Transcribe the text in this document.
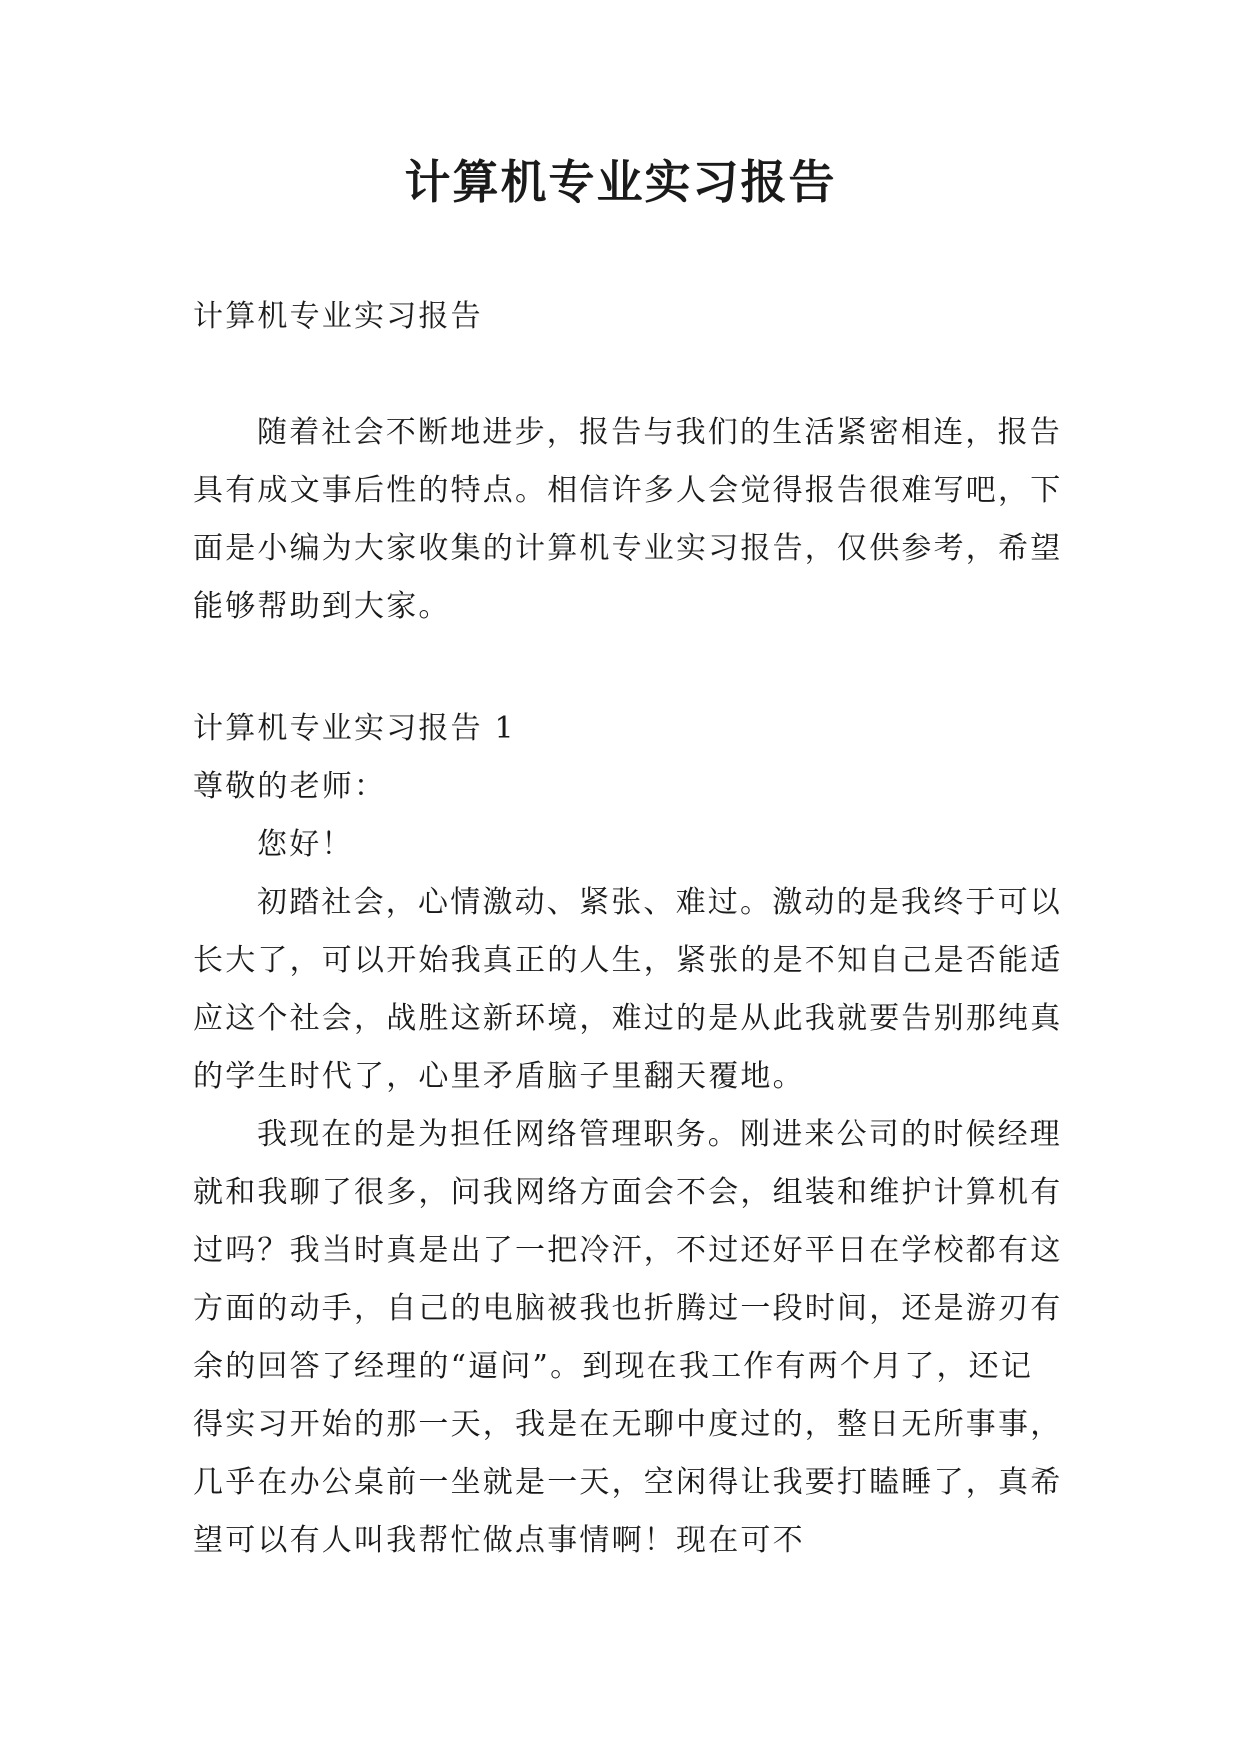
计算机专业实习报告

计算机专业实习报告

随着社会不断地进步，报告与我们的生活紧密相连，报告具有成文事后性的特点。相信许多人会觉得报告很难写吧，下面是小编为大家收集的计算机专业实习报告，仅供参考，希望能够帮助到大家。

计算机专业实习报告 1

尊敬的老师：

您好！

初踏社会，心情激动、紧张、难过。激动的是我终于可以长大了，可以开始我真正的人生，紧张的是不知自己是否能适应这个社会，战胜这新环境，难过的是从此我就要告别那纯真的学生时代了，心里矛盾脑子里翻天覆地。

我现在的是为担任网络管理职务。刚进来公司的时候经理就和我聊了很多，问我网络方面会不会，组装和维护计算机有过吗？我当时真是出了一把冷汗，不过还好平日在学校都有这方面的动手，自己的电脑被我也折腾过一段时间，还是游刃有余的回答了经理的“逼问”。到现在我工作有两个月了，还记得实习开始的那一天，我是在无聊中度过的，整日无所事事，几乎在办公桌前一坐就是一天，空闲得让我要打瞌睡了，真希望可以有人叫我帮忙做点事情啊！现在可不
